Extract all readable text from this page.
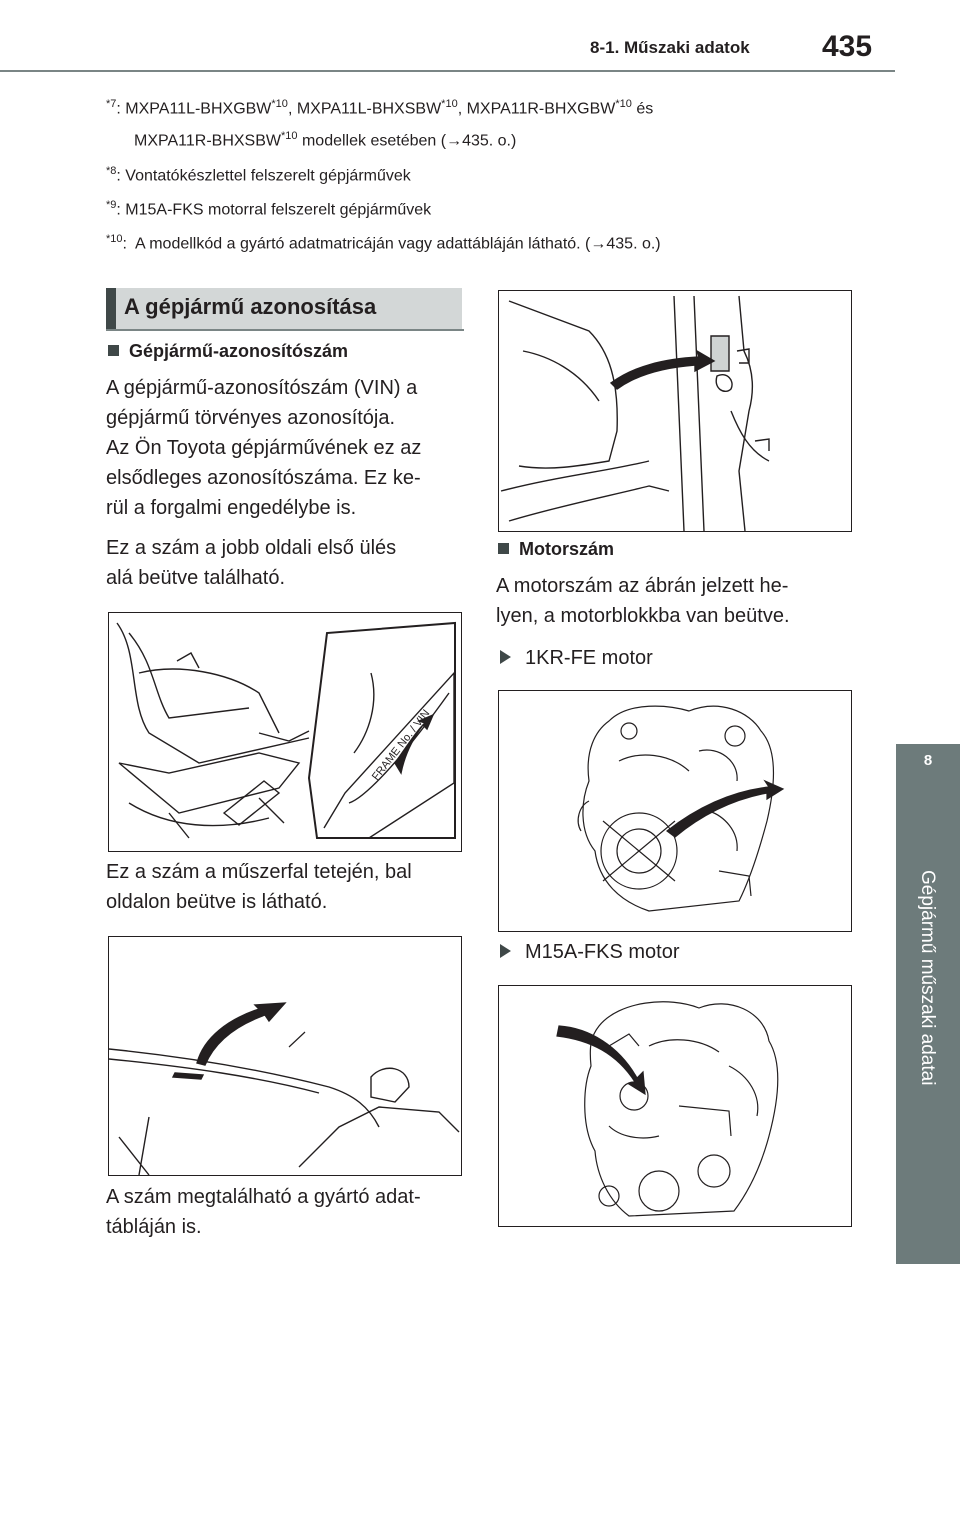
8-1. Műszaki adatok 435
8
Gépjármű műszaki adatai
$^{*7}$: MXPA11L-BHXGBW$^{*10}$, MXPA11L-BHXSBW$^{*10}$, MXPA11R-BHXGBW$^{*10}$ és
MXPA11R-BHXSBW$^{*10}$ modellek esetében (→435. o.)
$^{*8}$: Vontatókészlettel felszerelt gépjárművek
$^{*9}$: M15A-FKS motorral felszerelt gépjárművek
$^{*10}$:  A modellkód a gyártó adatmatricáján vagy adattábláján látható. (→435. o.)
A gépjármű azonosítása
Gépjármű-azonosítószám
A gépjármű-azonosítószám (VIN) a
gépjármű törvényes azonosítója.
Az Ön Toyota gépjárművének ez az
elsődleges azonosítószáma. Ez ke-
rül a forgalmi engedélybe is.
Ez a szám a jobb oldali első ülés
alá beütve található.
FRAME No. / VIN
Ez a szám a műszerfal tetején, bal
oldalon beütve is látható.
A szám megtalálható a gyártó adat-
tábláján is.
Motorszám
A motorszám az ábrán jelzett he-
lyen, a motorblokkba van beütve.
1KR-FE motor
M15A-FKS motor
